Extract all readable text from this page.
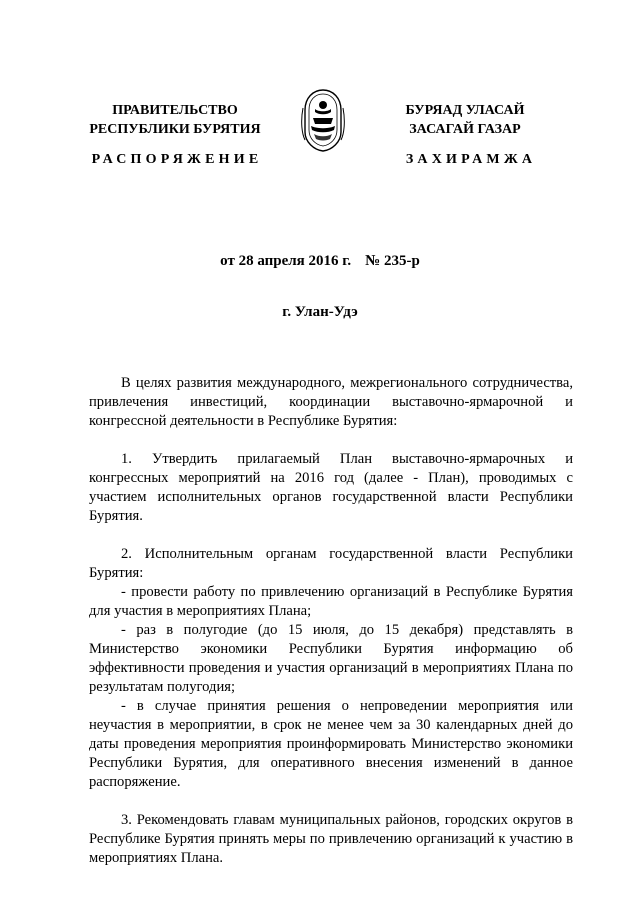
ПРАВИТЕЛЬСТВО
РЕСПУБЛИКИ БУРЯТИЯ
РАСПОРЯЖЕНИЕ
БУРЯАД УЛАСАЙ
ЗАСАГАЙ ГАЗАР
ЗАХИРАМЖА
от 28 апреля 2016 г. № 235-р
г. Улан-Удэ

В целях развития международного, межрегионального сотрудничества, привлечения инвестиций, координации выставочно-ярмарочной и конгрессной деятельности в Республике Бурятия:

1. Утвердить прилагаемый План выставочно-ярмарочных и конгрессных мероприятий на 2016 год (далее - План), проводимых с участием исполнительных органов государственной власти Республики Бурятия.

2. Исполнительным органам государственной власти Республики Бурятия:

- провести работу по привлечению организаций в Республике Бурятия для участия в мероприятиях Плана;

- раз в полугодие (до 15 июля, до 15 декабря) представлять в Министерство экономики Республики Бурятия информацию об эффективности проведения и участия организаций в мероприятиях Плана по результатам полугодия;

- в случае принятия решения о непроведении мероприятия или неучастия в мероприятии, в срок не менее чем за 30 календарных дней до даты проведения мероприятия проинформировать Министерство экономики Республики Бурятия, для оперативного внесения изменений в данное распоряжение.

3. Рекомендовать главам муниципальных районов, городских округов в Республике Бурятия принять меры по привлечению организаций к участию в мероприятиях Плана.
